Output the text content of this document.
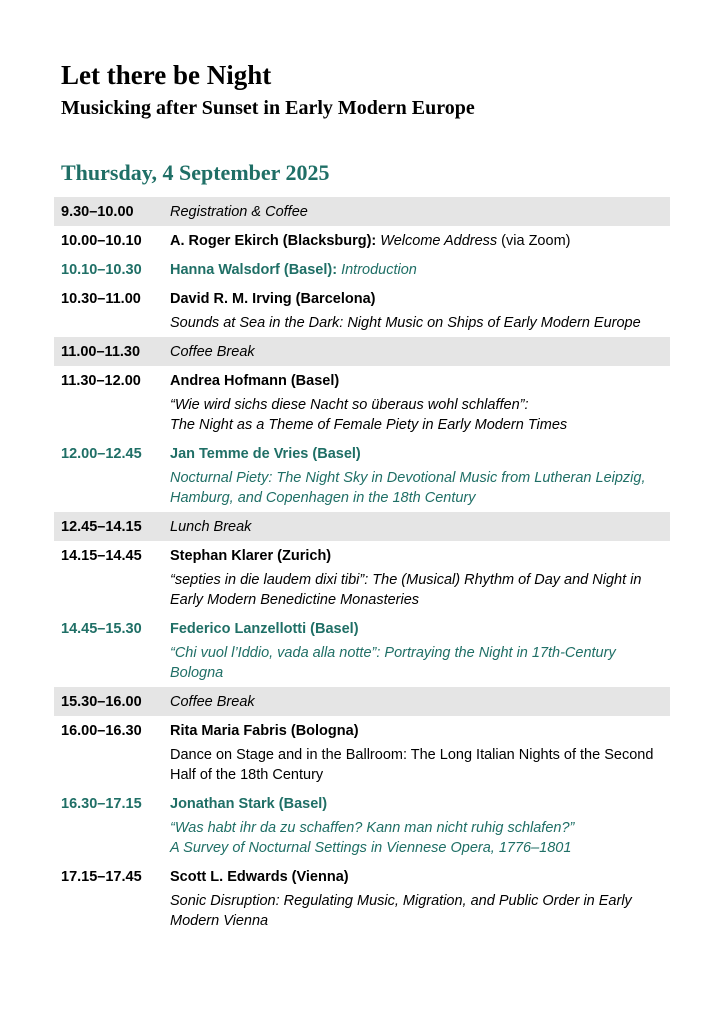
Let there be Night
Musicking after Sunset in Early Modern Europe
Thursday, 4 September 2025
9.30–10.00	Registration & Coffee
10.00–10.10 A. Roger Ekirch (Blacksburg): Welcome Address (via Zoom)
10.10–10.30 Hanna Walsdorf (Basel): Introduction
10.30–11.00 David R. M. Irving (Barcelona)
Sounds at Sea in the Dark: Night Music on Ships of Early Modern Europe
11.00–11.30 Coffee Break
11.30–12.00 Andrea Hofmann (Basel)
“Wie wird sichs diese Nacht so überaus wohl schlaffen”:
The Night as a Theme of Female Piety in Early Modern Times
12.00–12.45 Jan Temme de Vries (Basel)
Nocturnal Piety: The Night Sky in Devotional Music from Lutheran Leipzig, Hamburg, and Copenhagen in the 18th Century
12.45–14.15 Lunch Break
14.15–14.45 Stephan Klarer (Zurich)
“septies in die laudem dixi tibi”: The (Musical) Rhythm of Day and Night in Early Modern Benedictine Monasteries
14.45–15.30 Federico Lanzellotti (Basel)
“Chi vuol l’Iddio, vada alla notte”: Portraying the Night in 17th-Century Bologna
15.30–16.00 Coffee Break
16.00–16.30 Rita Maria Fabris (Bologna)
Dance on Stage and in the Ballroom: The Long Italian Nights of the Second Half of the 18th Century
16.30–17.15 Jonathan Stark (Basel)
“Was habt ihr da zu schaffen? Kann man nicht ruhig schlafen?”
A Survey of Nocturnal Settings in Viennese Opera, 1776–1801
17.15–17.45 Scott L. Edwards (Vienna)
Sonic Disruption: Regulating Music, Migration, and Public Order in Early Modern Vienna
